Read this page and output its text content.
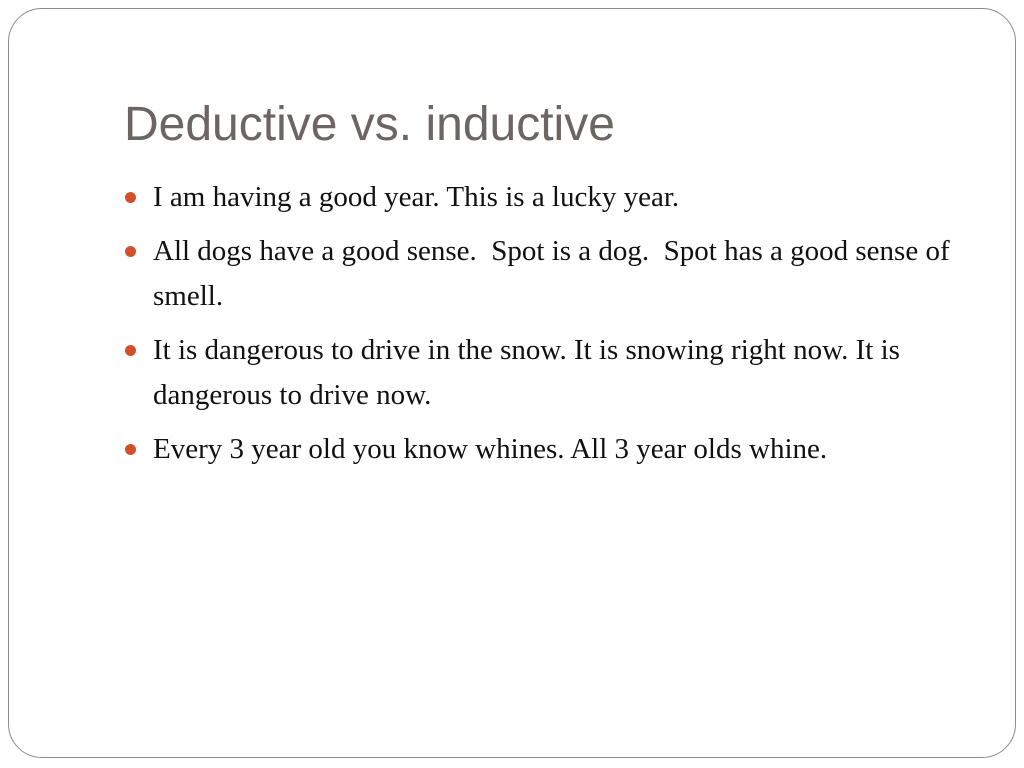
Deductive vs. inductive
I am having a good year. This is a lucky year.
All dogs have a good sense.  Spot is a dog.  Spot has a good sense of smell.
It is dangerous to drive in the snow. It is snowing right now. It is dangerous to drive now.
Every 3 year old you know whines. All 3 year olds whine.
